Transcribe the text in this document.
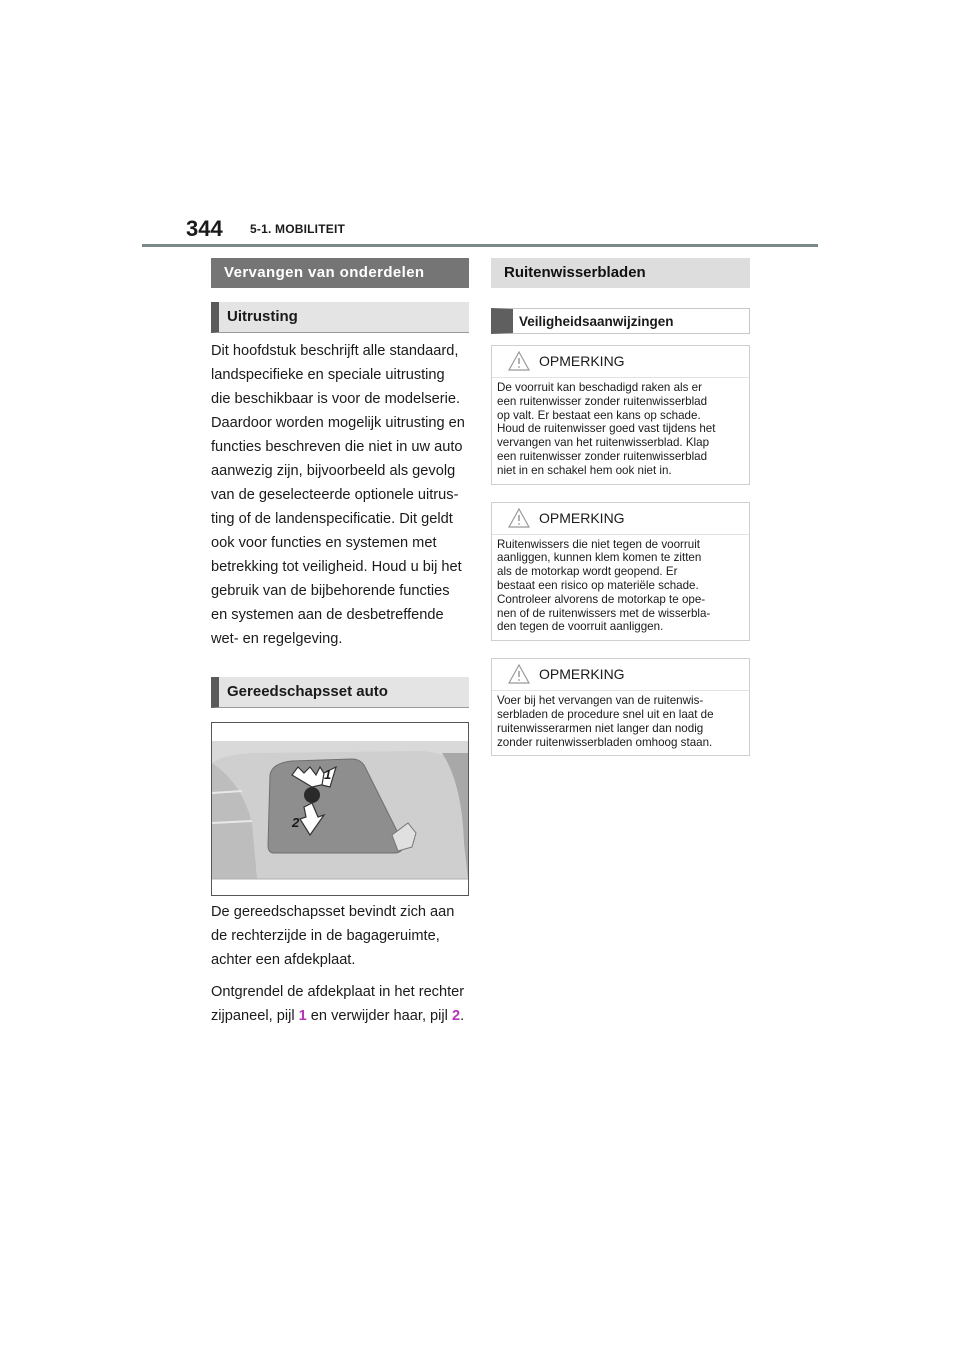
344 5-1. MOBILITEIT
Vervangen van onderdelen
Uitrusting
Dit hoofdstuk beschrijft alle standaard,
landspecifieke en speciale uitrusting
die beschikbaar is voor de modelserie.
Daardoor worden mogelijk uitrusting en
functies beschreven die niet in uw auto
aanwezig zijn, bijvoorbeeld als gevolg
van de geselecteerde optionele uitrus-
ting of de landenspecificatie. Dit geldt
ook voor functies en systemen met
betrekking tot veiligheid. Houd u bij het
gebruik van de bijbehorende functies
en systemen aan de desbetreffende
wet- en regelgeving.
Gereedschapsset auto
1
2
De gereedschapsset bevindt zich aan
de rechterzijde in de bagageruimte,
achter een afdekplaat.
Ontgrendel de afdekplaat in het rechter
zijpaneel, pijl 1 en verwijder haar, pijl 2.
Ruitenwisserbladen
Veiligheidsaanwijzingen
OPMERKING
De voorruit kan beschadigd raken als er
een ruitenwisser zonder ruitenwisserblad
op valt. Er bestaat een kans op schade.
Houd de ruitenwisser goed vast tijdens het
vervangen van het ruitenwisserblad. Klap
een ruitenwisser zonder ruitenwisserblad
niet in en schakel hem ook niet in.
OPMERKING
Ruitenwissers die niet tegen de voorruit
aanliggen, kunnen klem komen te zitten
als de motorkap wordt geopend. Er
bestaat een risico op materiële schade.
Controleer alvorens de motorkap te ope-
nen of de ruitenwissers met de wisserbla-
den tegen de voorruit aanliggen.
OPMERKING
Voer bij het vervangen van de ruitenwis-
serbladen de procedure snel uit en laat de
ruitenwisserarmen niet langer dan nodig
zonder ruitenwisserbladen omhoog staan.
